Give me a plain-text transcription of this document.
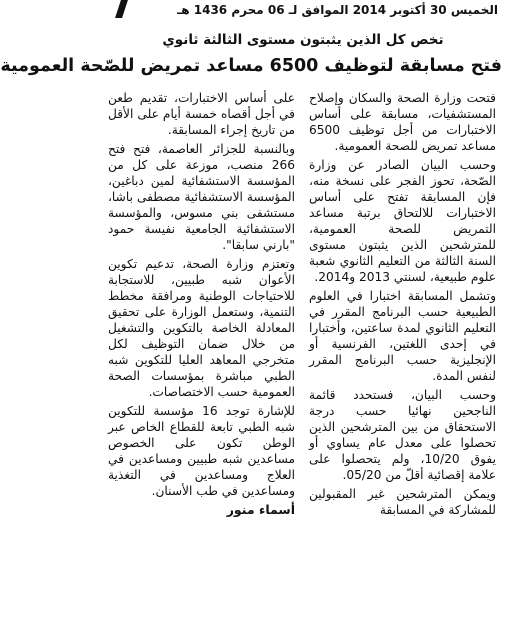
الخميس 30 أكتوبر 2014 الموافق لـ 06 محرم 1436 هـ
تخص كل الذين يثبتون مستوى الثالثة ثانوي
فتح مسابقة لتوظيف 6500 مساعد تمريض للصّحة العمومية

فتحت وزارة الصحة والسكان وإصلاح المستشفيات، مسابقة على أساس الاختبارات من أجل توظيف 6500 مساعد تمريض للصحة العمومية.

وحسب البيان الصادر عن وزارة الصّحة، تحوز الفجر على نسخة منه، فإن المسابقة تفتح على أساس الاختبارات للالتحاق برتبة مساعد التمريض للصحة العمومية، للمترشحين الذين يثبتون مستوى السنة الثالثة من التعليم الثانوي شعبة علوم طبيعية، لسنتي 2013 و2014.

وتشمل المسابقة اختبارا في العلوم الطبيعية حسب البرنامج المقرر في التعليم الثانوي لمدة ساعتين، وأختبارا في إحدى اللغتين، الفرنسية أو الإنجليزية حسب البرنامج المقرر لنفس المدة.

وحسب البيان، فستحدد قائمة الناجحين نهائيا حسب درجة الاستحقاق من بين المترشحين الذين تحصلوا على معدل عام يساوي أو يفوق 10/20، ولم يتحصلوا على علامة إقصائية أقلّ من 05/20.

ويمكن المترشحين غير المقبولين للمشاركة في المسابقة

على أساس الاختبارات، تقديم طعن في أجل أقصاه خمسة أيام على الأقل من تاريخ إجراء المسابقة.

وبالنسبة للجزائر العاصمة، فتح فتح 266 منصب، موزعة على كل من المؤسسة الاستشفائية لمين دباغين، المؤسسة الاستشفائية مصطفى باشا، مستشفى بني مسوس، والمؤسسة الاستشفائية الجامعية نفيسة حمود "بارني سابقا".

وتعتزم وزارة الصحة، تدعيم تكوين الأعوان شبه طبيين، للاستجابة للاحتياجات الوطنية ومرافقة مخطط التنمية، وستعمل الوزارة على تحقيق المعادلة الخاصة بالتكوين والتشغيل من خلال ضمان التوظيف لكل متخرجي المعاهد العليا للتكوين شبه الطبي مباشرة بمؤسسات الصحة العمومية حسب الاختصاصات.

للإشارة توجد 16 مؤسسة للتكوين شبه الطبي تابعة للقطاع الخاص عبر الوطن تكون على الخصوص مساعدين شبه طبيين ومساعدين في العلاج ومساعدين في التغذية ومساعدين في طب الأسنان.

أسماء منور
